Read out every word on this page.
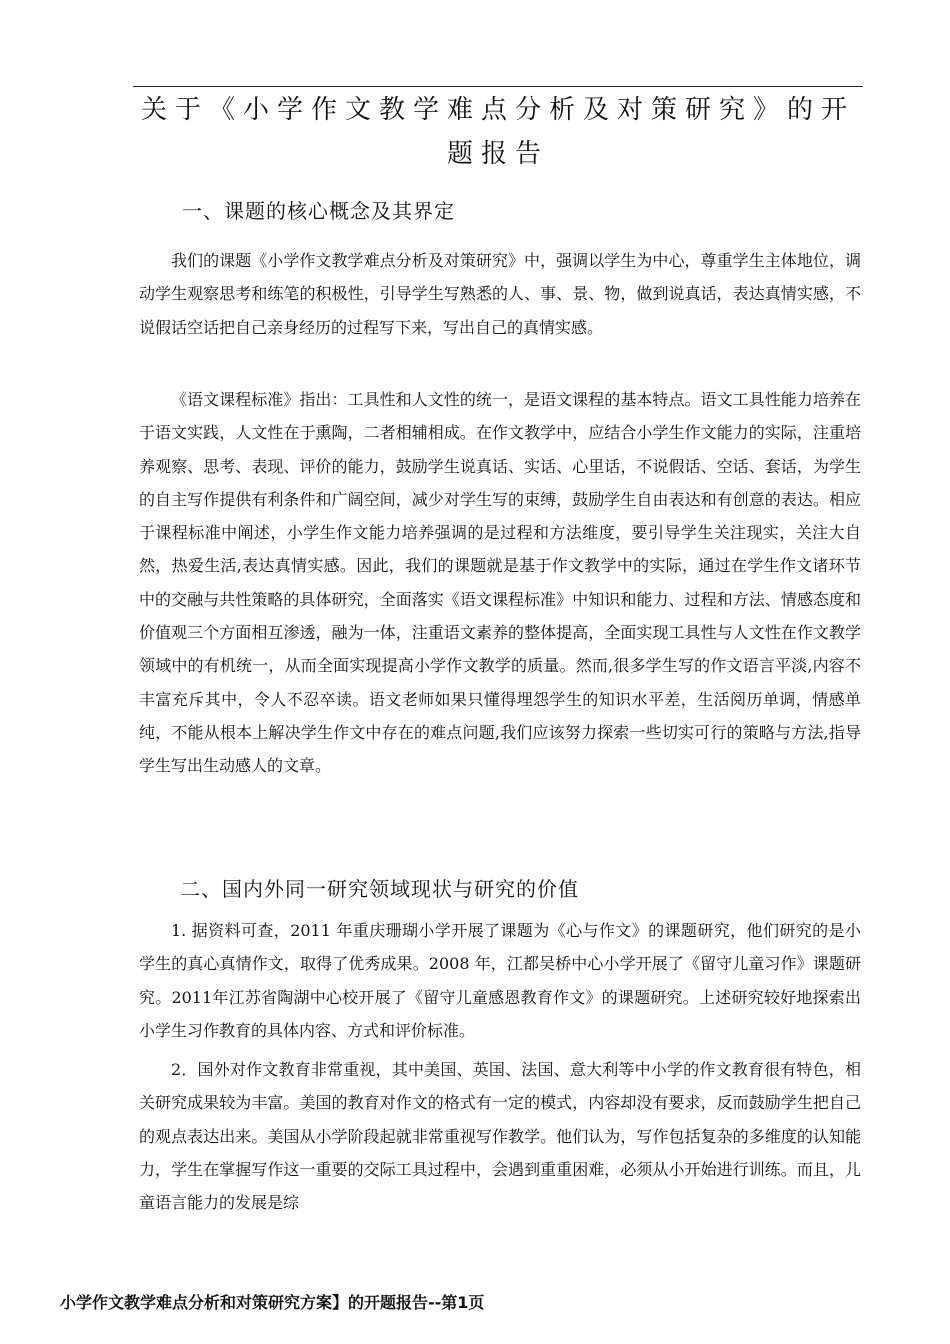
关于《小学作文教学难点分析及对策研究》的开题报告
一、课题的核心概念及其界定
我们的课题《小学作文教学难点分析及对策研究》中，强调以学生为中心，尊重学生主体地位，调动学生观察思考和练笔的积极性，引导学生写熟悉的人、事、景、物，做到说真话，表达真情实感，不说假话空话把自己亲身经历的过程写下来，写出自己的真情实感。
《语文课程标准》指出：工具性和人文性的统一，是语文课程的基本特点。语文工具性能力培养在于语文实践，人文性在于熏陶，二者相辅相成。在作文教学中，应结合小学生作文能力的实际，注重培养观察、思考、表现、评价的能力，鼓励学生说真话、实话、心里话，不说假话、空话、套话，为学生的自主写作提供有利条件和广阔空间，减少对学生写的束缚，鼓励学生自由表达和有创意的表达。相应于课程标准中阐述，小学生作文能力培养强调的是过程和方法维度，要引导学生关注现实，关注大自然，热爱生活,表达真情实感。因此，我们的课题就是基于作文教学中的实际，通过在学生作文诸环节中的交融与共性策略的具体研究，全面落实《语文课程标准》中知识和能力、过程和方法、情感态度和价值观三个方面相互渗透，融为一体，注重语文素养的整体提高，全面实现工具性与人文性在作文教学领域中的有机统一，从而全面实现提高小学作文教学的质量。然而,很多学生写的作文语言平淡,内容不丰富充斥其中，令人不忍卒读。语文老师如果只懂得埋怨学生的知识水平差，生活阅历单调，情感单纯，不能从根本上解决学生作文中存在的难点问题,我们应该努力探索一些切实可行的策略与方法,指导学生写出生动感人的文章。
二、国内外同一研究领域现状与研究的价值
1. 据资料可查，2011 年重庆珊瑚小学开展了课题为《心与作文》的课题研究，他们研究的是小学生的真心真情作文，取得了优秀成果。2008 年，江都吴桥中心小学开展了《留守儿童习作》课题研究。2011年江苏省陶湖中心校开展了《留守儿童感恩教育作文》的课题研究。上述研究较好地探索出小学生习作教育的具体内容、方式和评价标准。
2．国外对作文教育非常重视，其中美国、英国、法国、意大利等中小学的作文教育很有特色，相关研究成果较为丰富。美国的教育对作文的格式有一定的模式，内容却没有要求，反而鼓励学生把自己的观点表达出来。美国从小学阶段起就非常重视写作教学。他们认为，写作包括复杂的多维度的认知能力，学生在掌握写作这一重要的交际工具过程中，会遇到重重困难，必须从小开始进行训练。而且，儿童语言能力的发展是综
小学作文教学难点分析和对策研究方案】的开题报告--第1页
